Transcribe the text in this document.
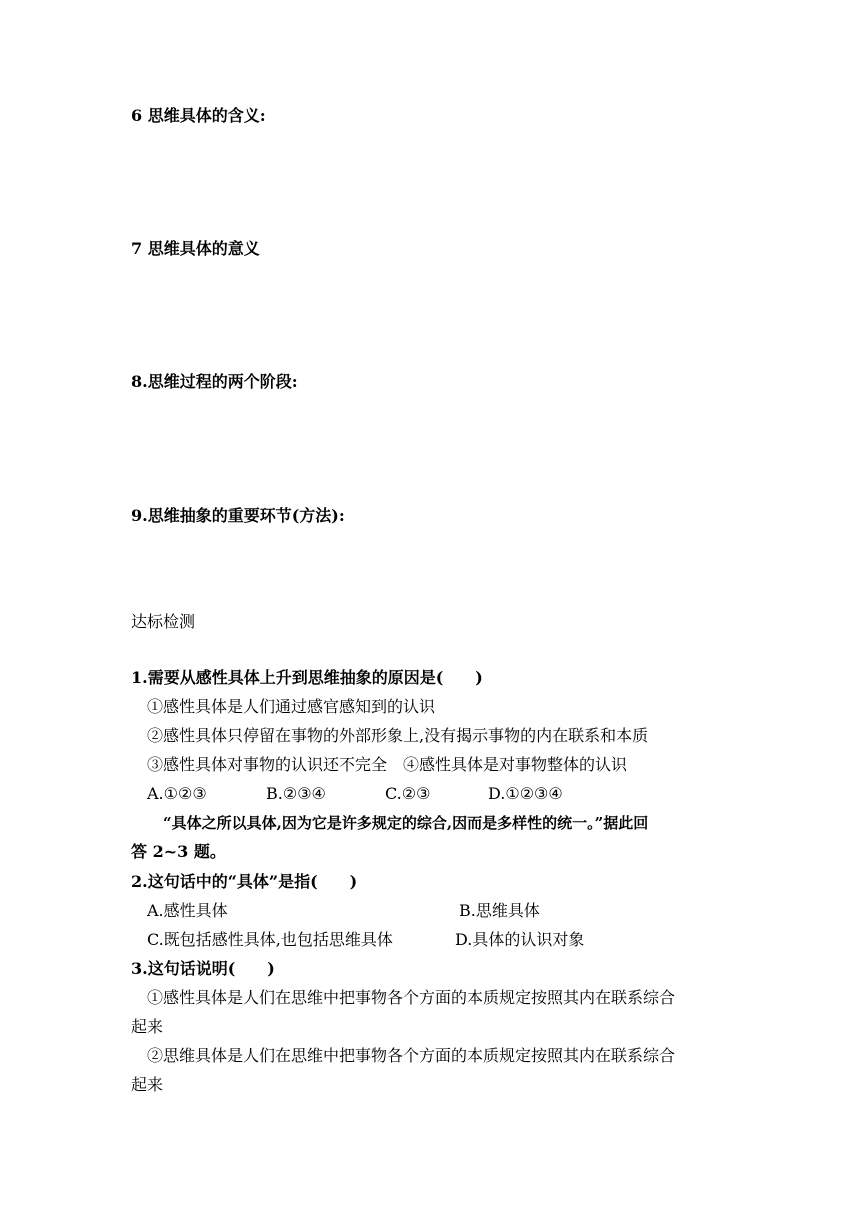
6 思维具体的含义:
7 思维具体的意义
8.思维过程的两个阶段:
9.思维抽象的重要环节(方法):
达标检测
1.需要从感性具体上升到思维抽象的原因是(　　)
①感性具体是人们通过感官感知到的认识
②感性具体只停留在事物的外部形象上,没有揭示事物的内在联系和本质
③感性具体对事物的认识还不完全　④感性具体是对事物整体的认识
A.①②③	B.②③④	C.②③	D.①②③④
“具体之所以具体,因为它是许多规定的综合,因而是多样性的统一。”据此回
答 2~3 题。
2.这句话中的“具体”是指(　　)
A.感性具体	B.思维具体
C.既包括感性具体,也包括思维具体	D.具体的认识对象
3.这句话说明(　　)
①感性具体是人们在思维中把事物各个方面的本质规定按照其内在联系综合
起来
②思维具体是人们在思维中把事物各个方面的本质规定按照其内在联系综合
起来
